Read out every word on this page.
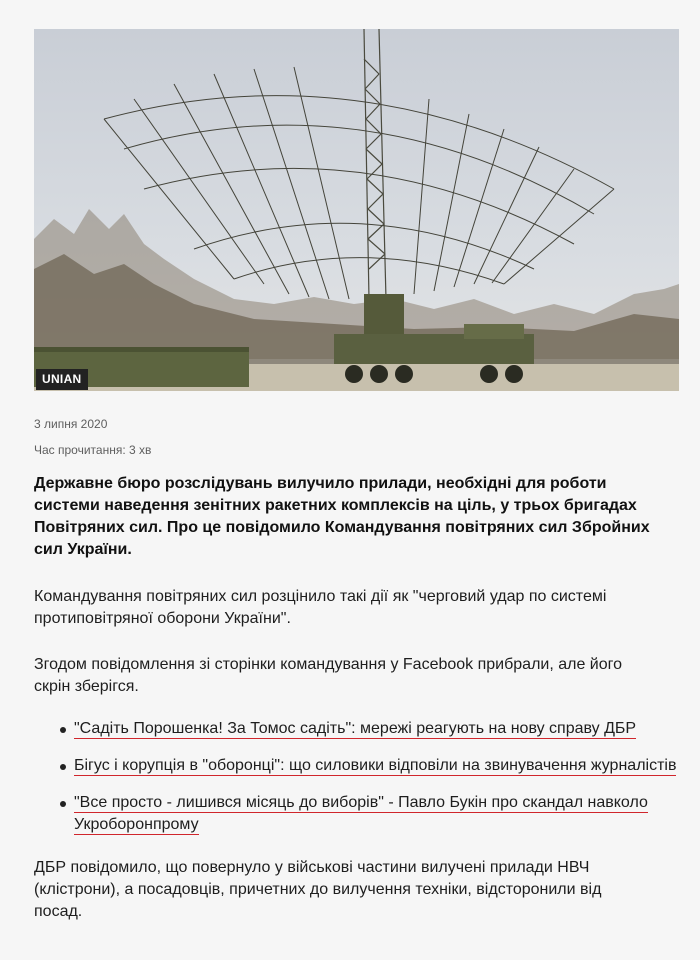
UNIAN
3 липня 2020
Час прочитання: 3 хв

Державне бюро розслідувань вилучило прилади, необхідні для роботи системи наведення зенітних ракетних комплексів на ціль, у трьох бригадах Повітряних сил. Про це повідомило Командування повітряних сил Збройних сил України.

Командування повітряних сил розцінило такі дії як "черговий удар по системі протиповітряної оборони України".

Згодом повідомлення зі сторінки командування у Facebook прибрали, але його скрін зберігся.

"Садіть Порошенка! За Томос садіть": мережі реагують на нову справу ДБР
Бігус і корупція в "оборонці": що силовики відповіли на звинувачення журналістів
"Все просто - лишився місяць до виборів" - Павло Букін про скандал навколо Укроборонпрому

ДБР повідомило, що повернуло у військові частини вилучені прилади НВЧ (клістрони), а посадовців, причетних до вилучення техніки, відсторонили від посад.
